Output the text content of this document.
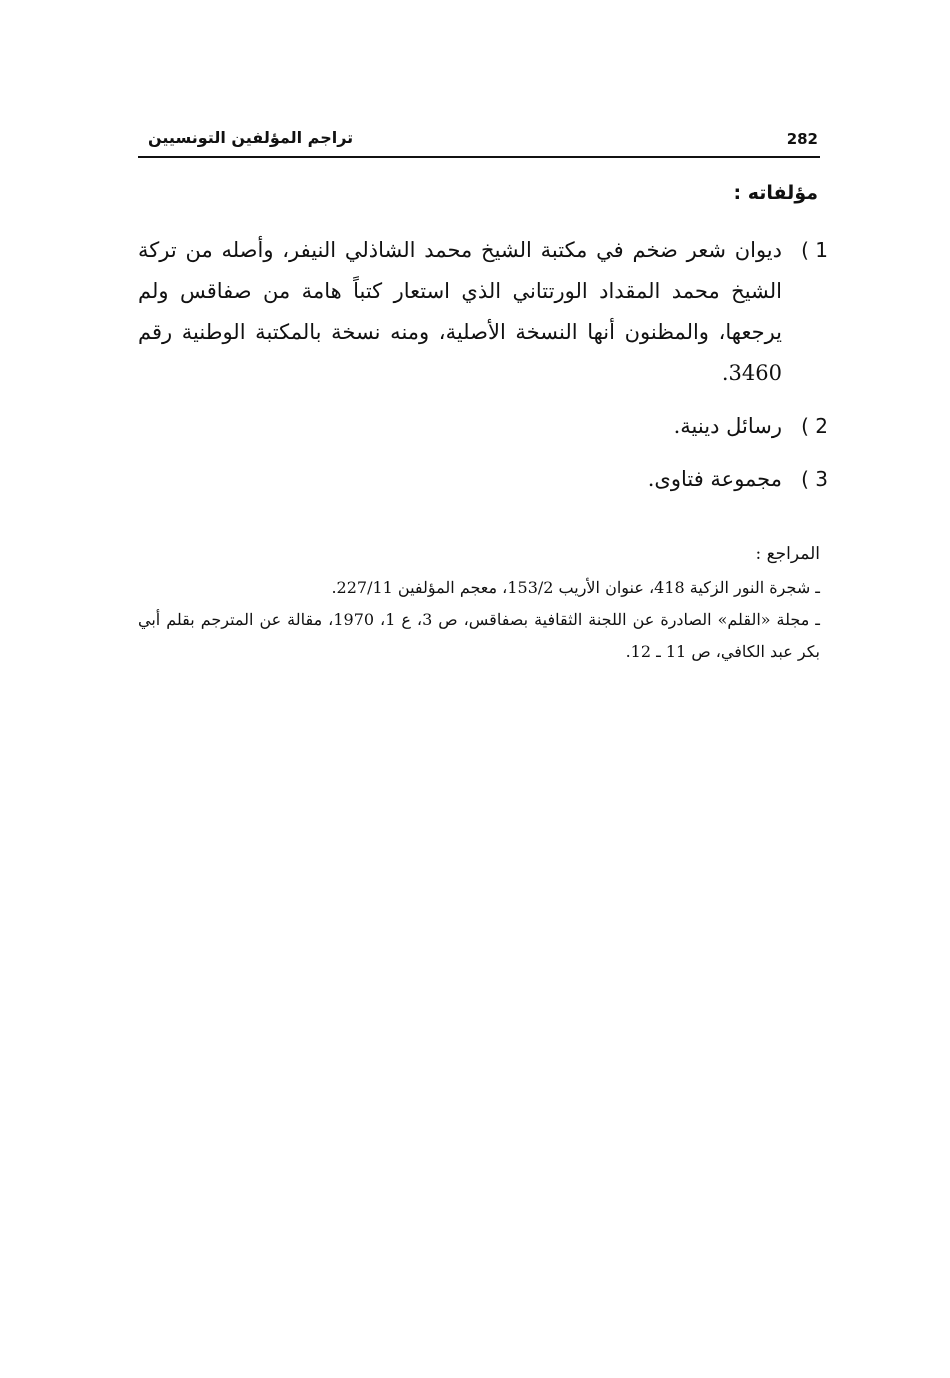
تراجم المؤلفين التونسيين	282
مؤلفاته :
1 )
ديوان شعر ضخم في مكتبة الشيخ محمد الشاذلي النيفر، وأصله من تركة الشيخ محمد المقداد الورتتاني الذي استعار كتباً هامة من صفاقس ولم يرجعها، والمظنون أنها النسخة الأصلية، ومنه نسخة بالمكتبة الوطنية رقم 3460.
2 )
رسائل دينية.
3 )
مجموعة فتاوى.
المراجع :
ـ شجرة النور الزكية 418، عنوان الأريب 153/2، معجم المؤلفين 227/11.
ـ مجلة «القلم» الصادرة عن اللجنة الثقافية بصفاقس، ص 3، ع 1، 1970، مقالة عن المترجم بقلم أبي بكر عبد الكافي، ص 11 ـ 12.
